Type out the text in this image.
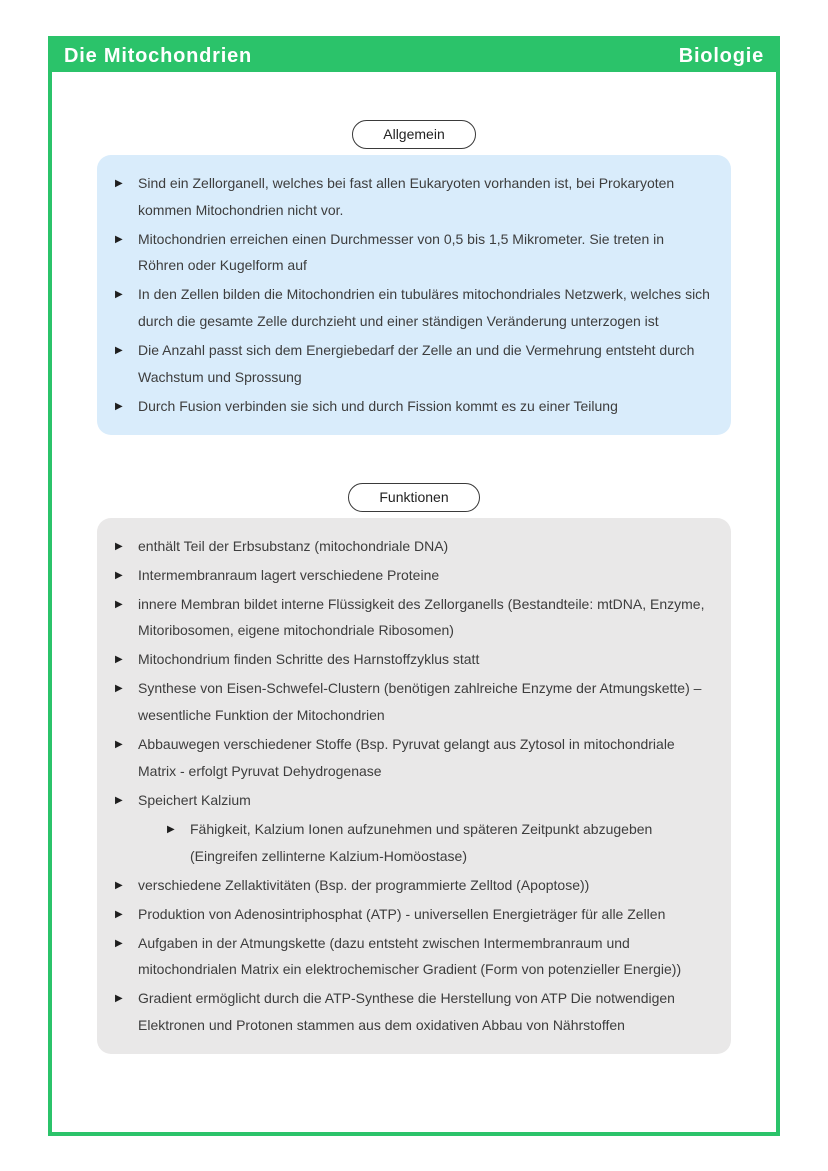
Die Mitochondrien	Biologie
Allgemein
▶	Sind ein Zellorganell, welches bei fast allen Eukaryoten vorhanden ist, bei Prokaryoten kommen Mitochondrien nicht vor.
▶	Mitochondrien erreichen einen Durchmesser von 0,5 bis 1,5 Mikrometer. Sie treten in Röhren oder Kugelform auf
▶	In den Zellen bilden die Mitochondrien ein tubuläres mitochondriales Netzwerk, welches sich durch die gesamte Zelle durchzieht und einer ständigen Veränderung unterzogen ist
▶	Die Anzahl passt sich dem Energiebedarf der Zelle an und die Vermehrung entsteht durch Wachstum und Sprossung
▶	Durch Fusion verbinden sie sich und durch Fission kommt es zu einer Teilung
Funktionen
▶	enthält Teil der Erbsubstanz (mitochondriale DNA)
▶	Intermembranraum lagert verschiedene Proteine
▶	innere Membran bildet interne Flüssigkeit des Zellorganells (Bestandteile: mtDNA, Enzyme, Mitoribosomen, eigene mitochondriale Ribosomen)
▶	Mitochondrium finden Schritte des Harnstoffzyklus statt
▶	Synthese von Eisen-Schwefel-Clustern (benötigen zahlreiche Enzyme der Atmungskette) – wesentliche Funktion der Mitochondrien
▶	Abbauwegen verschiedener Stoffe (Bsp. Pyruvat gelangt aus Zytosol in mitochondriale Matrix - erfolgt Pyruvat Dehydrogenase
▶	Speichert Kalzium
▶	Fähigkeit, Kalzium Ionen aufzunehmen und späteren Zeitpunkt abzugeben (Eingreifen zellinterne Kalzium-Homöostase)
▶	verschiedene Zellaktivitäten (Bsp. der programmierte Zelltod (Apoptose))
▶	Produktion von Adenosintriphosphat (ATP) - universellen Energieträger für alle Zellen
▶	Aufgaben in der Atmungskette (dazu entsteht zwischen Intermembranraum und mitochondrialen Matrix ein elektrochemischer Gradient (Form von potenzieller Energie))
▶	Gradient ermöglicht durch die ATP-Synthese die Herstellung von ATP Die notwendigen Elektronen und Protonen stammen aus dem oxidativen Abbau von Nährstoffen
